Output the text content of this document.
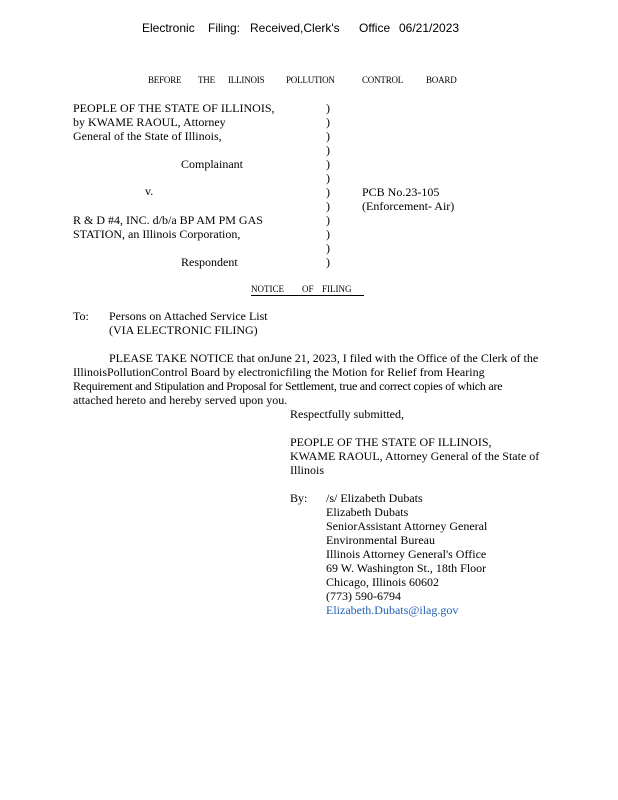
Electronic Filing: Received,Clerk's Office 06/21/2023
BEFORE THE ILLINOIS POLLUTION	CONTROL	BOARD
PEOPLE OF THE STATE OF ILLINOIS,
by KWAME RAOUL, Attorney
General of the State of Illinois,
Complainant
v.
R & D #4, INC. d/b/a BP AM PM GAS
STATION, an Illinois Corporation,
Respondent
)
)
)
)
)
)
)
)
)
)
)
)
PCB No.23-105
(Enforcement- Air)
NOTICE OF FILING
To: Persons on Attached Service List
(VIA ELECTRONIC FILING)
PLEASE TAKE NOTICE that onJune 21, 2023, I filed with the Office of the Clerk of the
IllinoisPollutionControl Board by electronicfiling the Motion for Relief from Hearing
Requirement and Stipulation and Proposal for Settlement, true and correct copies of which are
attached hereto and hereby served upon you.
Respectfully submitted,
PEOPLE OF THE STATE OF ILLINOIS,
KWAME RAOUL, Attorney General of the State of
Illinois
By: /s/ Elizabeth Dubats
Elizabeth Dubats
SeniorAssistant Attorney General
Environmental Bureau
Illinois Attorney General's Office
69 W. Washington St., 18th Floor
Chicago, Illinois 60602
(773) 590-6794
Elizabeth.Dubats@ilag.gov
